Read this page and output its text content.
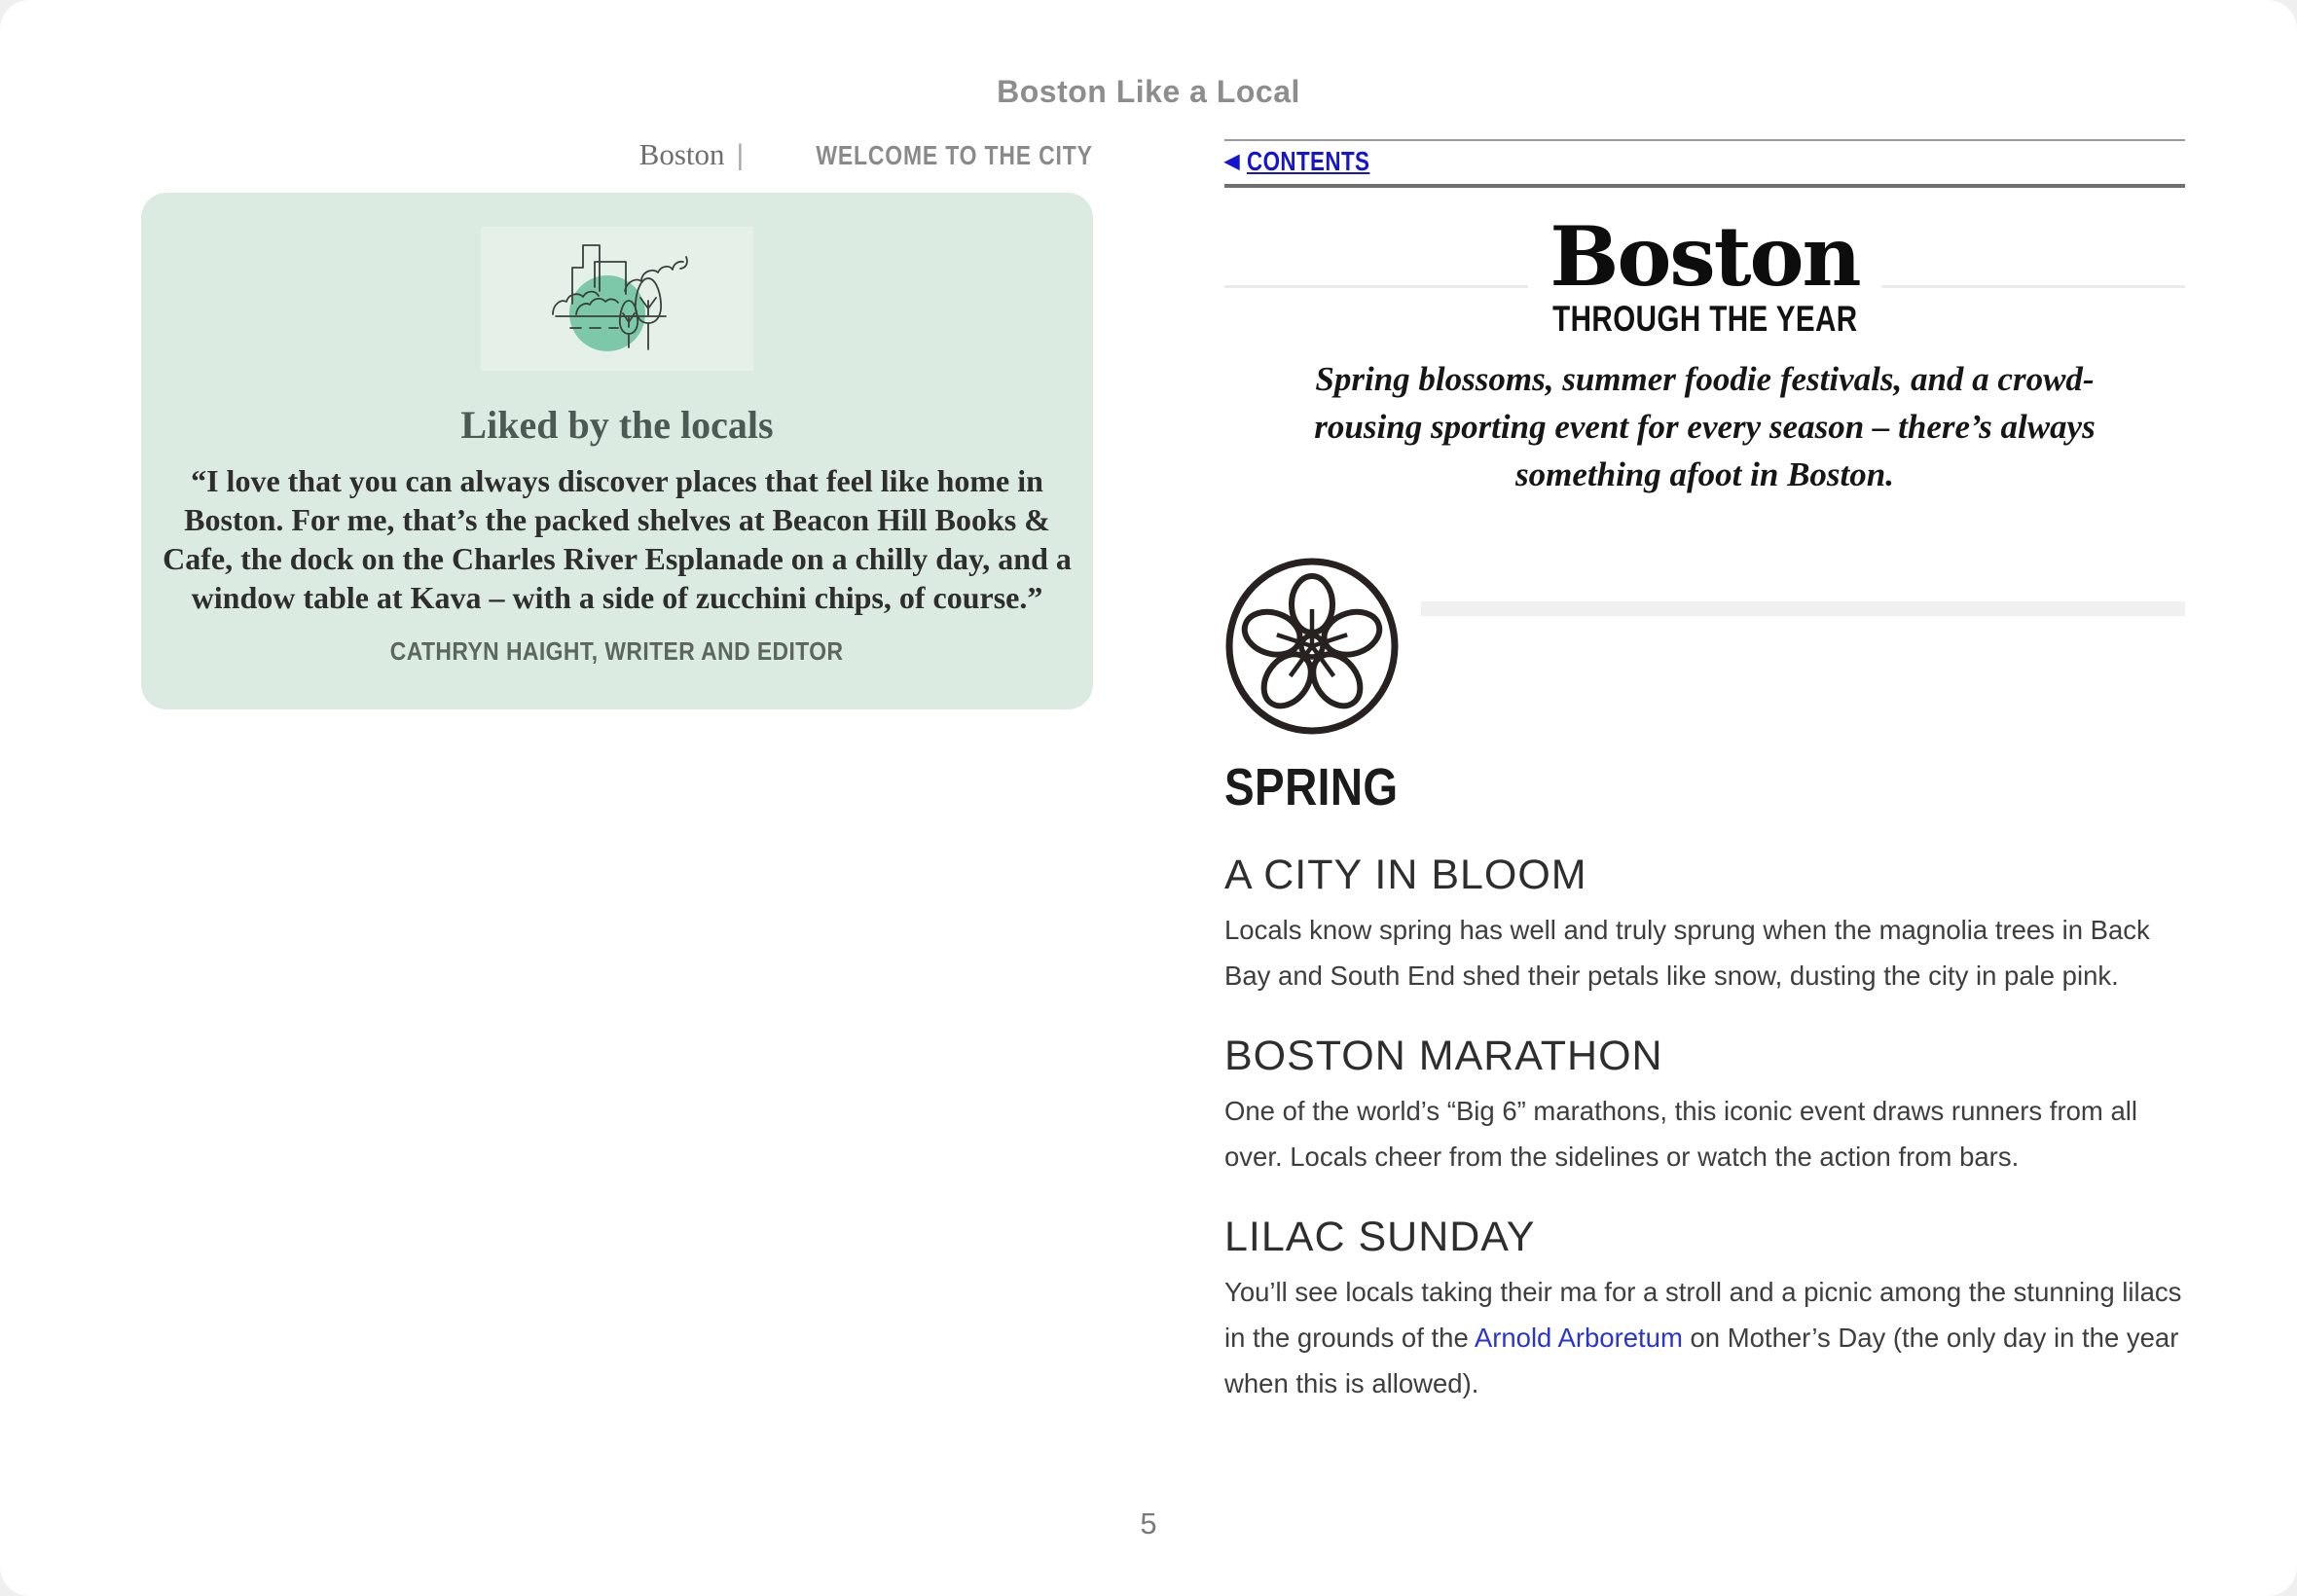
Boston Like a Local
Boston |	WELCOME TO THE CITY
Liked by the locals
“I love that you can always discover places that feel like home in Boston. For me, that’s the packed shelves at Beacon Hill Books & Cafe, the dock on the Charles River Esplanade on a chilly day, and a window table at Kava – with a side of zucchini chips, of course.”
CATHRYN HAIGHT, WRITER AND EDITOR
◀ CONTENTS
Boston
THROUGH THE YEAR
Spring blossoms, summer foodie festivals, and a crowd-rousing sporting event for every season – there’s always something afoot in Boston.
SPRING
A CITY IN BLOOM

Locals know spring has well and truly sprung when the magnolia trees in Back Bay and South End shed their petals like snow, dusting the city in pale pink.

BOSTON MARATHON

One of the world’s “Big 6” marathons, this iconic event draws runners from all over. Locals cheer from the sidelines or watch the action from bars.

LILAC SUNDAY

You’ll see locals taking their ma for a stroll and a picnic among the stunning lilacs in the grounds of the Arnold Arboretum on Mother’s Day (the only day in the year when this is allowed).

5
